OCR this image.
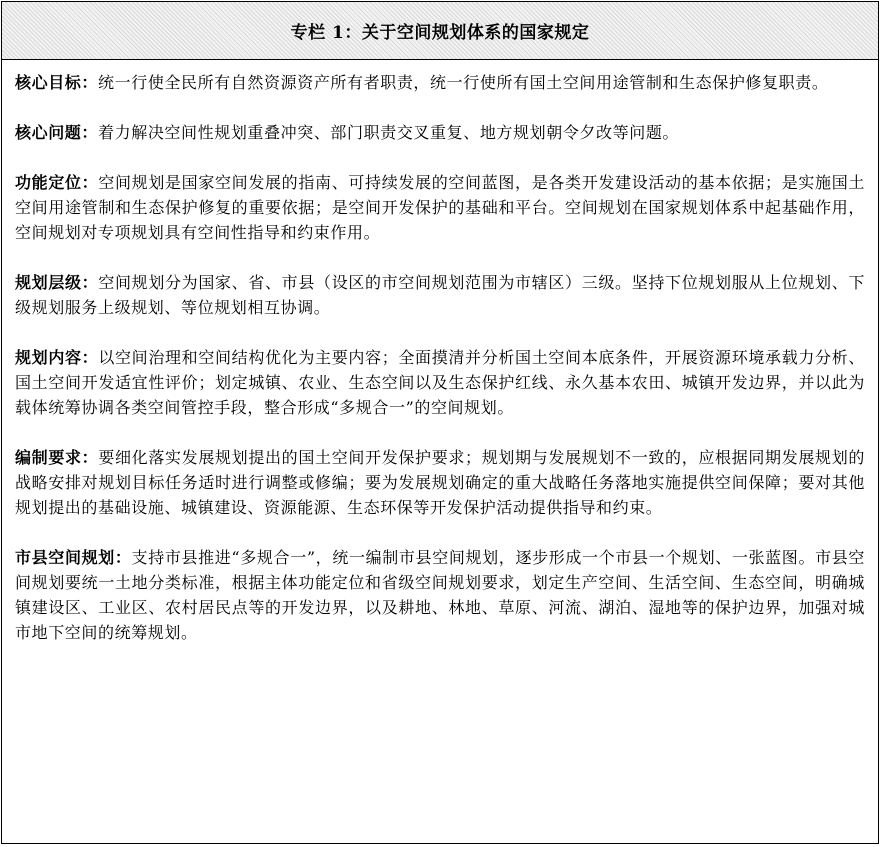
专栏 1：关于空间规划体系的国家规定

核心目标：统一行使全民所有自然资源资产所有者职责，统一行使所有国土空间用途管制和生态保护修复职责。

核心问题：着力解决空间性规划重叠冲突、部门职责交叉重复、地方规划朝令夕改等问题。

功能定位：空间规划是国家空间发展的指南、可持续发展的空间蓝图，是各类开发建设活动的基本依据；是实施国土空间用途管制和生态保护修复的重要依据；是空间开发保护的基础和平台。空间规划在国家规划体系中起基础作用，空间规划对专项规划具有空间性指导和约束作用。

规划层级：空间规划分为国家、省、市县（设区的市空间规划范围为市辖区）三级。坚持下位规划服从上位规划、下级规划服务上级规划、等位规划相互协调。

规划内容：以空间治理和空间结构优化为主要内容；全面摸清并分析国土空间本底条件，开展资源环境承载力分析、国土空间开发适宜性评价；划定城镇、农业、生态空间以及生态保护红线、永久基本农田、城镇开发边界，并以此为载体统筹协调各类空间管控手段，整合形成“多规合一”的空间规划。

编制要求：要细化落实发展规划提出的国土空间开发保护要求；规划期与发展规划不一致的，应根据同期发展规划的战略安排对规划目标任务适时进行调整或修编；要为发展规划确定的重大战略任务落地实施提供空间保障；要对其他规划提出的基础设施、城镇建设、资源能源、生态环保等开发保护活动提供指导和约束。

市县空间规划：支持市县推进“多规合一”，统一编制市县空间规划，逐步形成一个市县一个规划、一张蓝图。市县空间规划要统一土地分类标准，根据主体功能定位和省级空间规划要求，划定生产空间、生活空间、生态空间，明确城镇建设区、工业区、农村居民点等的开发边界，以及耕地、林地、草原、河流、湖泊、湿地等的保护边界，加强对城市地下空间的统筹规划。
